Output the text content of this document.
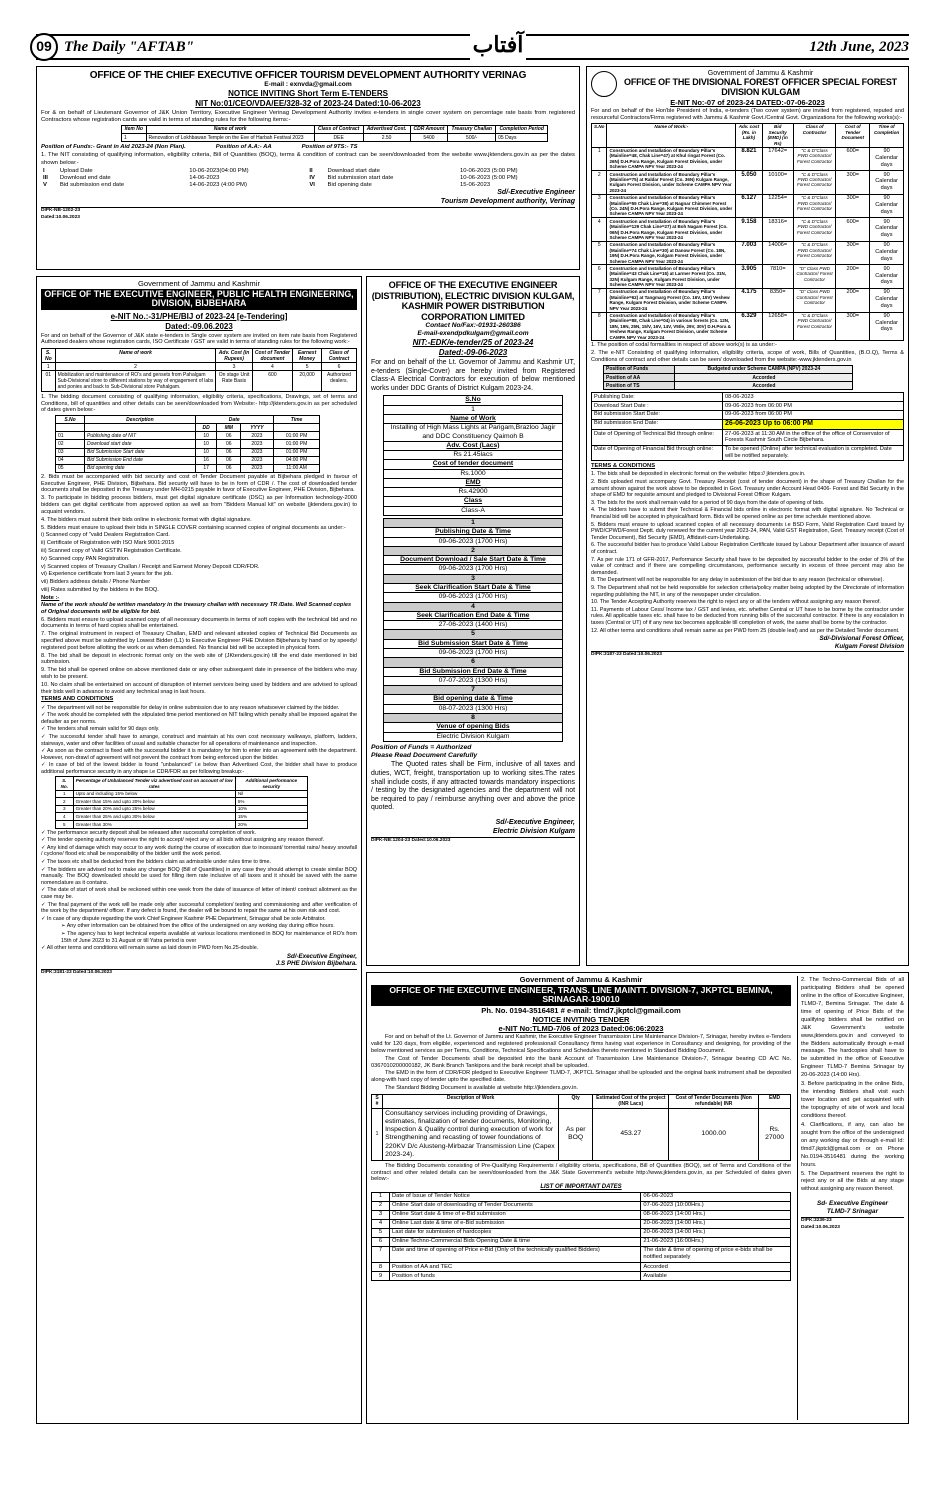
09 The Daily "AFTAB"	آفتاب	12th June, 2023
OFFICE OF THE CHIEF EXECUTIVE OFFICER TOURISM DEVELOPMENT AUTHORITY VERINAG
E-mail : exnvda@gmail.com
NOTICE INVITING Short Term E-TENDERS
NIT No:01/CEO/VDA/EE/328-32 of 2023-24 Dated:10-06-2023

For & on behalf of Lieutenant Governor of J&K Union Territory, Executive Engineer Verinag Development Authority invites e-tenders in single cover system on percentage rate basis from registered Contractors whose registration cards are valid in terms of standing rules for the following items:-

Item No	Name of work	Class of Contract	Advertised Cost.	CDR Amount	Treasury Challan	Completion Period
1	Renovation of Lokhbawan Temple on the Eve of Harbah Festival 2023	DEE	2.50	5400	500/-	05 Days
Position of Funds:- Grant in Aid 2023-24 (Non Plan).	Position of A.A:- AA	Position of 9TS:- TS

1. The NIT consisting of qualifying information, eligibility criteria, Bill of Quantities (BOQ), terms & condition of contract can be seen/downloaded from the website www.jktenders.gov.in as per the dates shown below:-

I	Upload Date	10-06-2023(04:00 PM)	II	Download start date	10-06-2023 (5:00 PM)
III	Download end date	14-06-2023	IV	Bid submission start date	10-06-2023 (5:00 PM)
V	Bid submission end date	14-06-2023 (4:00 PM)	VI	Bid opening date	15-06-2023
Sd/-Executive Engineer
Tourism Development authority, Verinag
DIPK-NB-1202-23
Dated:10.06.2023
Government of Jammu & Kashmir
OFFICE OF THE DIVISIONAL FOREST OFFICER SPECIAL FOREST DIVISION KULGAM
E-NIT No:-07 of 2023-24 DATED:-07-06-2023

For and on behalf of the Hon'ble President of India, e-tenders (Two cover system) are invited from registered, reputed and resourceful Contractors/Firms registered with Jammu & Kashmir Govt./Central Govt. Organizations for the following works(s):-

S.No	Name of Work:-	Adv. cost (Rs. in Lakh)	Bid Security (EMD) (in Rs)	Class of Contractor	Cost of Tender Document	Time of Completion
1	Construction and Installation of Boundary Pillar's (Mainline=48, Chak Line=47) at Khul ringat Forest (Co. 26N) D.H.Pora Range, Kulgam Forest Division, under Scheme CAMPA NPV Year 2023-24	8.821	17642=	"C & D"Class PWD Contractor/ Forest Contractor	600=	90 Calendar days
2	Construction and Installation of Boundary Pillar's (Mainline=75) at Raldar Forest (Co. 36N) Kulgam Range, Kulgam Forest Division, under Scheme CAMPA NPV Year 2023-24	5.050	10100=	"C & D"Class PWD Contractor/ Forest Contractor	300=	90 Calendar days
3	Construction and Installation of Boundary Pillar's (Mainline=55 Chak Line=38) at Nagnar Chimmer Forest (Co. 24N) D.H.Pora Range, Kulgam Forest Division, under Scheme CAMPA NPV Year 2023-24	6.127	12254=	"C & D"Class PWD Contractor/ Forest Contractor	300=	90 Calendar days
4	Construction and Installation of Boundary Pillar's (Mainline=129 Chak Line=27) at Boh Nagam Forest (Co. 06N) D.H.Pora Range, Kulgam Forest Division, under Scheme CAMPA NPV Year 2023-24	9.158	18316=	"C & D"Class PWD Contractor/ Forest Contractor	600=	90 Calendar days
5	Construction and Installation of Boundary Pillar's (Mainline=74 Chak Line=30) at Danow Forest (Co. 18N, 19N) D.H.Pora Range, Kulgam Forest Division, under Scheme CAMPA NPV Year 2023-24	7.003	14006=	"C & D"Class PWD Contractor/ Forest Contractor	300=	90 Calendar days
6	Construction and Installation of Boundary Pillar's (Mainline=43 Chak Line=15) at Larmer Forest (Co. 31N, 32N) Kulgam Range, Kulgam Forest Division, under Scheme CAMPA NPV Year 2023-24	3.905	7810=	"D" Class PWD Contractor/ Forest Contractor	200=	90 Calendar days
7	Construction and Installation of Boundary Pillar's (Mainline=62) at Tangmarg Forest (Co. 16V, 15V) Veshew Range, Kulgam Forest Division, under Scheme CAMPA NPV Year 2023-24	4.175	8350=	"D" Class PWD Contractor/ Forest Contractor	200=	90 Calendar days
8	Construction and Installation of Boundary Pillar's (Mainline=88, Chak Line=04) in various forests (Co. 12N, 18N, 19N, 25N, 15/V, 16V, 14V, V5tle, 29V, 30V) D.H.Pora & Veshew Range, Kulgam Forest Division, under Scheme CAMPA NPV Year 2023-24	6.329	12658=	"C & D"Class PWD Contractor/ Forest Contractor	300=	90 Calendar days

1. The position of codal formalities in respect of above work(s) is as under:-

2. The e-NIT Consisting of qualifying information, eligibility criteria, scope of work, Bills of Quantities, (B.O.Q), Terms & Conditions of contract and other details can be seen/ downloaded from the website:-www.jktenders.gov.in

Position of Funds	Budgeted under Scheme CAMPA (NPV) 2023-24
Position of AA	Accorded
Position of TS	Accorded
Publishing Date:	08-06-2023
Download Start Date :	09-06-2023 from 06:00 PM
Bid submission Start Date:	09-06-2023 from 06:00 PM
Bid submission End Date:	26-06-2023 Up to 06:00 PM
Date of Opening of Technical Bid through online:	27-06-2023 at 11:30 AM in the office of the office of Conservator of Forests Kashmir South Circle Bijbehara.
Date of Opening of Financial Bid through online:	To be opened (Online) after technical evaluation is completed. Date will be notified separately.
TERMS & CONDITIONS
1. The bids shall be deposited in electronic format on the website: https:// jktenders.gov.in.
2. Bids uploaded must accompany Govt. Treasury Receipt (cost of tender document) in the shape of Treasury Challan for the amount shown against the work above to be deposited in Govt. Treasury under Account Head 0406- Forest and Bid Security in the shape of EMD for requisite amount and pledged to Divisional Forest Officer Kulgam.
3. The bids for the work shall remain valid for a period of 90 days from the date of opening of bids.
4. The bidders have to submit their Technical & Financial bids online in electronic format with digital signature. No Technical or financial bid will be accepted in physical/hard form. Bids will be opened online as per time schedule mentioned above.
5. Bidders must ensure to upload scanned copies of all necessary documents i.e BSD Form, Valid Registration Card issued by PWD/CPWD/Forest Deptt. duly renewed for the current year 2023-24, PAN, Valid GST Registration, Govt. Treasury receipt (Cost of Tender Document), Bid Security (EMD), Affidavit-cum-Undertaking.
6. The successful bidder has to produce Valid Labour Registration Certificate issued by Labour Department after issuance of award of contract.
7. As per rule 171 of GFR-2017, Performance Security shall have to be deposited by successful bidder to the order of 3% of the value of contract and if there are compelling circumstances, performance security in excess of three percent may also be demanded.
8. The Department will not be responsible for any delay in submission of the bid due to any reason (technical or otherwise).
9. The Department shall not be held responsible for selection criteria/policy matter being adopted by the Directorate of information regarding publishing the NIT, in any of the newspaper under circulation.
10. The Tender Accepting Authority reserves the right to reject any or all the tenders without assigning any reason thereof.
11. Payments of Labour Cess/ Income tax / GST and levies, etc. whether Central or UT have to be borne by the contractor under rules. All applicable taxes etc. shall have to be deducted from running bills of the successful contractor. If there is any escalation in taxes (Central or UT) of if any new tax becomes applicable till completion of work, the same shall be borne by the contractor.
12. All other terms and conditions shall remain same as per PWD form 25 (double leaf) and as per the Detailed Tender document.
Sd/-Divisional Forest Officer,
Kulgam Forest Division
DIPK:3187-23 Dated:10.06.2023
Government of Jammu and Kashmir
OFFICE OF THE EXECUTIVE ENGINEER, PUBLIC HEALTH ENGINEERING, DIVISION, BIJBEHARA
e-NIT No.:-31/PHE/BIJ of 2023-24 [e-Tendering]
Dated:-09.06.2023

For and on behalf of the Governor of J&K state e-tenders in Single cover system are invited on item rate basis from Registered Authorized dealers whose registration cards, ISO Certificate / GST are valid in terms of standing rules for the following work:-

S. No	Name of work	Adv. Cost (in Rupees)	Cost of Tender document	Earnest Money	Class of Contract
1	2	3	4	5	6
01	Mobilization and maintenance of RO's and gensets from Pahalgam Sub-Divisional store to different stations by way of engagement of labs and ponies and back to Sub-Divisional store Pahalgam.	On stage Unit Rate Basis	600	20,000	Authorized dealers.

1. The bidding document consisting of qualifying information, eligibility criteria, specifications, Drawings, set of terms and Conditions, bill of quantities and other details can be seen/downloaded from Website:- http://jktenders.gov.in as per scheduled of dates given below:-

S.No	Description	Date			Time
		DD	MM	YYYY	
01	Publishing date of NIT	10	06	2023	01:00 PM
02	Download start date	10	06	2023	01:00 PM
03	Bid Submission Start date	10	06	2023	01:00 PM
04	Bid Submission End date	16	06	2023	04:00 PM
05	Bid opening date	17	06	2023	11:00 AM
2. Bids must be accompanied with bid security and cost of Tender Document payable at Bijbehara pledged in favour of Executive Engineer, PHE Division, Bijbehara. Bid security will have to be in form of CDR /. The cost of downloaded tender documents shall be deposited in the Treasury under MH-0215 payable in favor of Executive Engineer, PHE Division, Bijbehara.
3. To participate in bidding process bidders, must get digital signature certificate (DSC) as per Information technology-2000 bidders can get digital certificate from approved option as well as from "Bidders Manual kit" on website (jktenders.gov.in) to acquaint vendors.
4. The bidders must submit their bids online in electronic format with digital signature.
5. Bidders must ensure to upload their bids in SINGLE COVER containing scanned copies of original documents as under:-
i) Scanned copy of "valid Dealers Registration Card.
ii) Certificate of Registration with ISO Mark 9001:2015
iii) Scanned copy of Valid GSTIN Registration Certificate.
iv) Scanned copy PAN Registration.
v) Scanned copies of Treasury Challan / Receipt and Earnest Money Deposit CDR/FDR.
vi) Experience certificate from last 3 years for the job.
vii) Bidders address details / Phone Number
viii) Rates submitted by the bidders in the BOQ.
Note :-
Name of the work should be written mandatory in the treasury challan with necessary TR /Date. Well Scanned copies of Original documents will be eligible for bid.
6. Bidders must ensure to upload scanned copy of all necessary documents in terms of soft copies with the technical bid and no documents in terms of hard copies shall be entertained.
7. The original instrument in respect of Treasury Challan, EMD and relevant attested copies of Technical Bid Documents as specified above must be submitted by Lowest Bidder (L1) to Executive Engineer PHE Division Bijbehara by hand or by speedy/ registered post before allotting the work or as when demanded. No financial bid will be accepted in physical form.
8. The bid shall be deposit in electronic format only on the web site of (JKtenders.gov.in) till the end date mentioned in bid submission.
9. The bid shall be opened online on above mentioned date or any other subsequent date in presence of the bidders who may wish to be present.
10. No claim shall be entertained on account of disruption of internet services being used by bidders and are advised to upload their bids well in advance to avoid any technical snag in last hours.
TERMS AND CONDITIONS
✓ The department will not be responsible for delay in online submission due to any reason whatsoever claimed by the bidder.
✓ The work should be completed with the stipulated time period mentioned on NIT failing which penalty shall be imposed against the defaulter as per norms.
✓ The tenders shall remain valid for 90 days only.
✓ The successful tender shall have to arrange, construct and maintain at his own cost necessary walkways, platform, ladders, stairways, water and other facilities of usual and suitable character for all operations of maintenance and inspection.
✓ As soon as the contract is fixed with the successful bidder it is mandatory for him to enter into an agreement with the department. However, non-drawl of agreement will not prevent the contract from being enforced upon the bidder.
✓ In case of bid of the lowest bidder is found "unbalanced" i.e below than Advertised Cost, the bidder shall have to produce additional performance security in any shape i.e CDR/FDR as per following breakup:-
S. No.	Percentage of Unbalanced Tender viz advertised cost on account of low rates	Additional performance security
1	Upto and including 15% below	Nil
2	Greater than 15% and upto 20% below	5%
3	Greater than 20% and upto 25% below	10%
4	Greater than 25% and upto 30% below	15%
5	Greater than 30%	20%
✓ The performance security deposit shall be released after successful completion of work.
✓ The tender opening authority reserves the right to accept/ reject any or all bids without assigning any reason thereof.
✓ Any kind of damage which may occur to any work during the course of execution due to incessant/ torrential rains/ heavy snowfall / cyclone/ flood etc shall be responsibility of the bidder until the work period.
✓ The taxes etc shall be deducted from the bidders claim as admissible under rules time to time.
✓ The bidders are advised not to make any change BOQ (Bill of Quantities) in any case they should attempt to create similar BOQ manually. The BOQ downloaded should be used for filling item rate inclusive of all taxes and it should be saved with the same nomenclature as it contains.
✓ The date of start of work shall be reckoned within one week from the date of issuance of letter of intent/ contract allotment as the case may be.
✓ The final payment of the work will be made only after successful completion/ testing and commissioning and after verification of the work by the department/ officer. If any defect is found, the dealer will be bound to repair the same at his own risk and cost.
✓ In case of any dispute regarding the work Chief Engineer Kashmir PHE Department, Srinagar shall be sole Arbitrator.
➢ Any other information can be obtained from the office of the undersigned on any working day during office hours.
➢ The agency has to kept technical experts available at various locations mentioned in BOQ for maintenance of RO's from 15th of June 2023 to 31 August or till Yatra period is over
✓ All other terms and conditions will remain same as laid down in PWD form No.25-double.
Sd/-Executive Engineer,
J.S PHE Division Bijbehara.
DIPK:3181-23 Dated:10.06.2023
OFFICE OF THE EXECUTIVE ENGINEER (DISTRIBUTION), ELECTRIC DIVISION KULGAM, KASHMIR POWER DISTRIBUTION CORPORATION LIMITED
Contact No/Fax:-01931-260386
E-mail-exendpdkulgam@gmail.com
NIT:-EDK/e-tender/25 of 2023-24
Dated:-09-06-2023

For and on behalf of the Lt. Governor of Jammu and Kashmir UT, e-tenders (Single-Cover) are hereby invited from Registered Class-A Electrical Contractors for execution of below mentioned works under DDC Grants of District Kulgam 2023-24.

S.No
1
Name of Work
Installing of High Mass Lights at Parigam,Brazloo Jagir and DDC Constituency Qaimoh B
Adv. Cost (Lacs)
Rs 21.45lacs
Cost of tender document
Rs.1000
EMD
Rs.42900
Class
Class-A
1
Publishing Date & Time
09-06-2023 (1700 Hrs)
2
Document Download / Sale Start Date & Time
09-06-2023 (1700 Hrs)
3
Seek Clarification Start Date & Time
09-06-2023 (1700 Hrs)
4
Seek Clarification End Date & Time
27-06-2023 (1400 Hrs)
5
Bid Submission Start Date & Time
09-06-2023 (1700 Hrs)
6
Bid Submission End Date & Time
07-07-2023 (1300 Hrs)
7
Bid opening date & Time
08-07-2023 (1300 Hrs)
8
Venue of opening Bids
Electric Division Kulgam
Position of Funds = Authorized
Please Read Document Carefully

The Quoted rates shall be Firm, inclusive of all taxes and duties, WCT, freight, transportation up to working sites.The rates shall include costs, if any attracted towards mandatory inspections / testing by the designated agencies and the department will not be required to pay / reimburse anything over and above the price quoted.

Sd/-Executive Engineer,
Electric Division Kulgam
DIPK-NB:1204-23 Dated:10.06.2023
Government of Jammu & Kashmir
OFFICE OF THE EXECUTIVE ENGINEER, TRANS. LINE MAINTT. DIVISION-7, JKPTCL BEMINA, SRINAGAR-190010
Ph. No. 0194-3516481 # e-mail: tlmd7.jkptcl@gmail.com
NOTICE INVITING TENDER
e-NIT No:TLMD-7/06 of 2023 Dated:06:06:2023

For and on behalf of the Lt. Governor of Jammu and Kashmir, the Executive Engineer Transmission Line Maintenance Division-7, Srinagar, hereby invites e-Tenders valid for 120 days, from eligible, experienced and registered professional/ Consultancy firms having vast experience in Consultancy and designing, for providing of the below mentioned services as per Terms, Conditions, Technical Specifications and Schedules thereto mentioned in Standard Bidding Document.

The Cost of Tender Documents shall be deposited into the bank Account of Transmission Line Maintenance Division-7, Srinagar bearing CD A/C No. 0367010200000182, JK Bank Branch Tankipora and the bank receipt shall be uploaded.

The EMD in the form of CDR/FDR pledged to Executive Engineer TLMD-7, JKPTCL Srinagar shall be uploaded and the original bank instrument shall be deposited along-with hard copy of tender upto the specified date.

The Standard Bidding Document is available at website http://jktenders.gov.in.

S #	Description of Work	Qty	Estimated Cost of the project (INR Lacs)	Cost of Tender Documents (Non refundable) INR	EMD
1	Consultancy services including providing of Drawings, estimates, finalization of tender documents, Monitoring, Inspection & Quality control during execution of work for Strengthening and recasting of tower foundations of 220KV D/c Alusteng-Mirbazar Transmission Line (Capex 2023-24).	As per BOQ	453.27	1000.00	Rs. 27000

The Bidding Documents consisting of Pre-Qualifying Requirements / eligibility criteria, specifications, Bill of Quantities (BOQ), set of Terms and Conditions of the contract and other related details can be seen/downloaded from the J&K State Government's website http://www.jktenders.gov.in, as per Scheduled of dates given below:-

LIST OF IMPORTANT DATES
1	Date of Issue of Tender Notice	06-06-2023
2	Online Start date of downloading of Tender Documents	07-06-2023 (10:00Hrs.)
3	Online Start date & time of e-Bid submission	08-06-2023 (14:00 Hrs.)
4	Online Last date & time of e-Bid submission	20-06-2023 (14:00 Hrs.)
5	Last date for submission of hardcopies	20-06-2023 (14:00 Hrs.)
6	Online Techno-Commercial Bids Opening Date & time	21-06-2023 (16:00Hrs.)
7	Date and time of opening of Price e-Bid (Only of the technically qualified Bidders)	The date & time of opening of price e-bids shall be notified separately
8	Position of AA and TEC	Accorded
9	Position of funds	Available
2. The Techno-Commercial Bids of all participating Bidders shall be opened online in the office of Executive Engineer, TLMD-7, Bemina Srinagar. The date & time of opening of Price Bids of the qualifying bidders shall be notified on J&K Government's website www.jktenders.gov.in and conveyed to the Bidders automatically through e-mail message. The hardcopies shall have to be submitted in the office of Executive Engineer TLMD-7 Bemina Srinagar by 20-06-2023 (14:00 Hrs).
3. Before participating in the online Bids, the intending Bidders shall visit each tower location and get acquainted with the topography of site of work and local conditions thereof.
4. Clarifications, if any, can also be sought from the office of the undersigned on any working day or through e-mail Id: tlmd7.jkptcl@gmail.com or on Phone No.0194-3516481 during the working hours.
5. The Department reserves the right to reject any or all the Bids at any stage without assigning any reason thereof.
Sd- Executive Engineer
TLMD-7 Srinagar
DIPK:3239-23
Dated:10.06.2023
